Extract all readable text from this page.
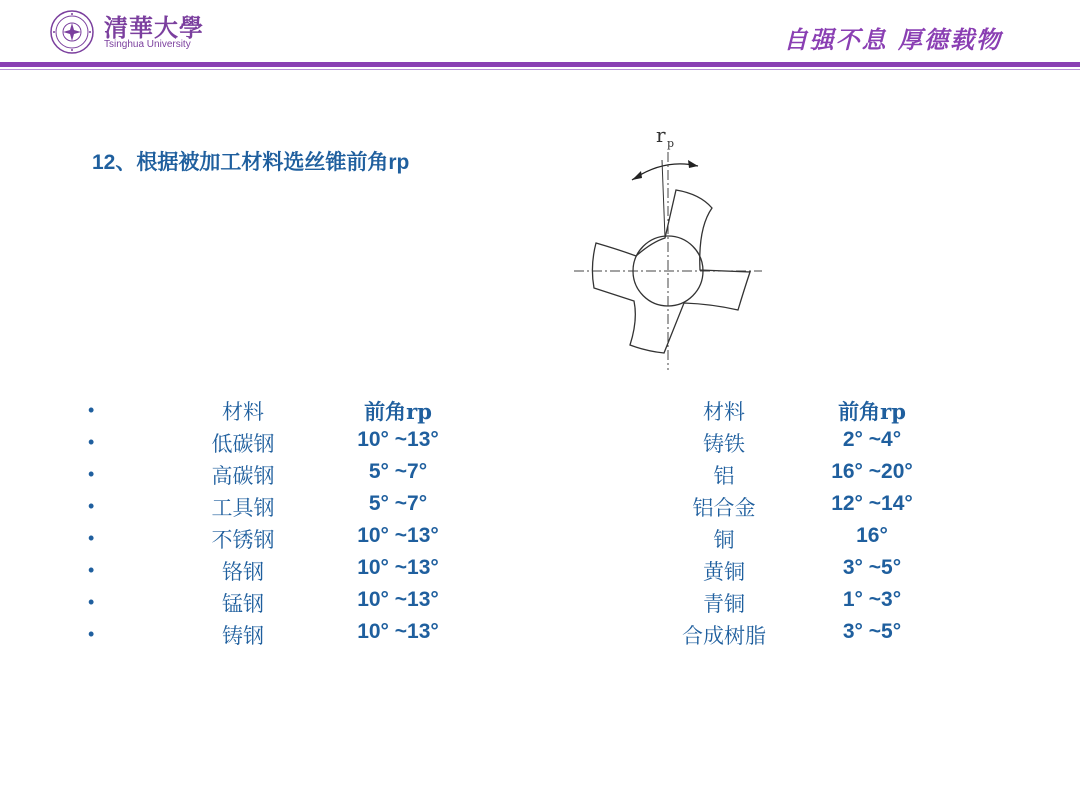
清華大學
Tsinghua University	自强不息 厚德载物
12、根据被加工材料选丝锥前角rp
r p
•	材料	前角rp	材料	前角rp
•	低碳钢	10° ~13°	铸铁	2° ~4°
•	高碳钢	5° ~7°	铝	16° ~20°
•	工具钢	5° ~7°	铝合金	12° ~14°
•	不锈钢	10° ~13°	铜	16°
•	铬钢	10° ~13°	黄铜	3° ~5°
•	锰钢	10° ~13°	青铜	1° ~3°
•	铸钢	10° ~13°	合成树脂	3° ~5°
